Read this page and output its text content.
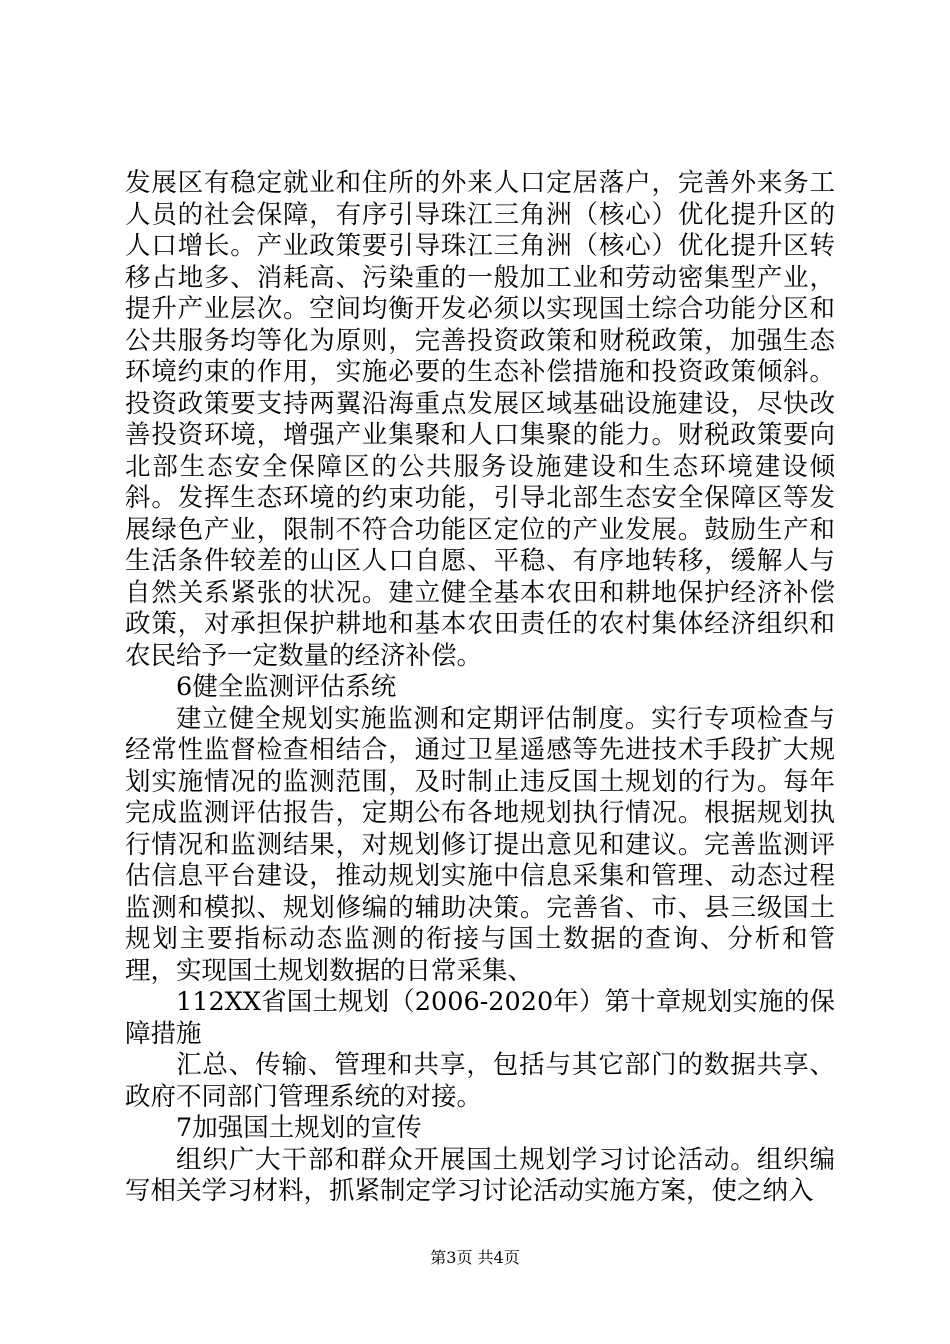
发展区有稳定就业和住所的外来人口定居落户，完善外来务工人员的社会保障，有序引导珠江三角洲（核心）优化提升区的人口增长。产业政策要引导珠江三角洲（核心）优化提升区转移占地多、消耗高、污染重的一般加工业和劳动密集型产业，提升产业层次。空间均衡开发必须以实现国土综合功能分区和公共服务均等化为原则，完善投资政策和财税政策，加强生态环境约束的作用，实施必要的生态补偿措施和投资政策倾斜。投资政策要支持两翼沿海重点发展区域基础设施建设，尽快改善投资环境，增强产业集聚和人口集聚的能力。财税政策要向北部生态安全保障区的公共服务设施建设和生态环境建设倾斜。发挥生态环境的约束功能，引导北部生态安全保障区等发展绿色产业，限制不符合功能区定位的产业发展。鼓励生产和生活条件较差的山区人口自愿、平稳、有序地转移，缓解人与自然关系紧张的状况。建立健全基本农田和耕地保护经济补偿政策，对承担保护耕地和基本农田责任的农村集体经济组织和农民给予一定数量的经济补偿。

6健全监测评估系统

建立健全规划实施监测和定期评估制度。实行专项检查与经常性监督检查相结合，通过卫星遥感等先进技术手段扩大规划实施情况的监测范围，及时制止违反国土规划的行为。每年完成监测评估报告，定期公布各地规划执行情况。根据规划执行情况和监测结果，对规划修订提出意见和建议。完善监测评估信息平台建设，推动规划实施中信息采集和管理、动态过程监测和模拟、规划修编的辅助决策。完善省、市、县三级国土规划主要指标动态监测的衔接与国土数据的查询、分析和管理，实现国土规划数据的日常采集、

112XX省国土规划（2006-2020年）第十章规划实施的保障措施

汇总、传输、管理和共享，包括与其它部门的数据共享、政府不同部门管理系统的对接。

7加强国土规划的宣传

组织广大干部和群众开展国土规划学习讨论活动。组织编写相关学习材料，抓紧制定学习讨论活动实施方案，使之纳入

第3页 共4页
